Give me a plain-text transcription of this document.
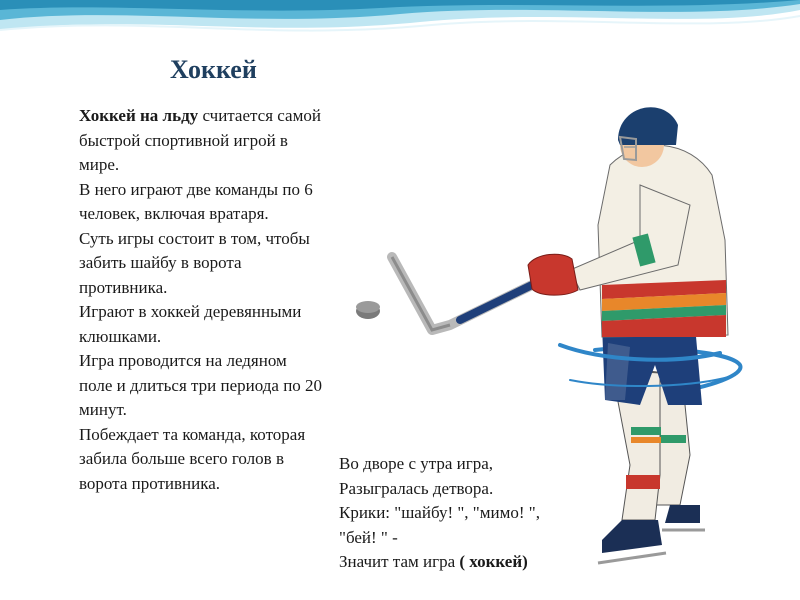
Хоккей
Хоккей на льду считается самой быстрой спортивной игрой в мире.
В него играют две команды по 6 человек, включая вратаря.
Суть игры состоит в том, чтобы забить шайбу в ворота противника.
Играют в хоккей деревянными клюшками.
Игра проводится на ледяном поле и длиться три периода по 20 минут.
Побеждает та команда, которая забила больше всего голов в ворота противника.
Во дворе с утра игра,
Разыгралась детвора.
Крики: "шайбу! ", "мимо! ",
"бей! " -
Значит там игра ( хоккей)
